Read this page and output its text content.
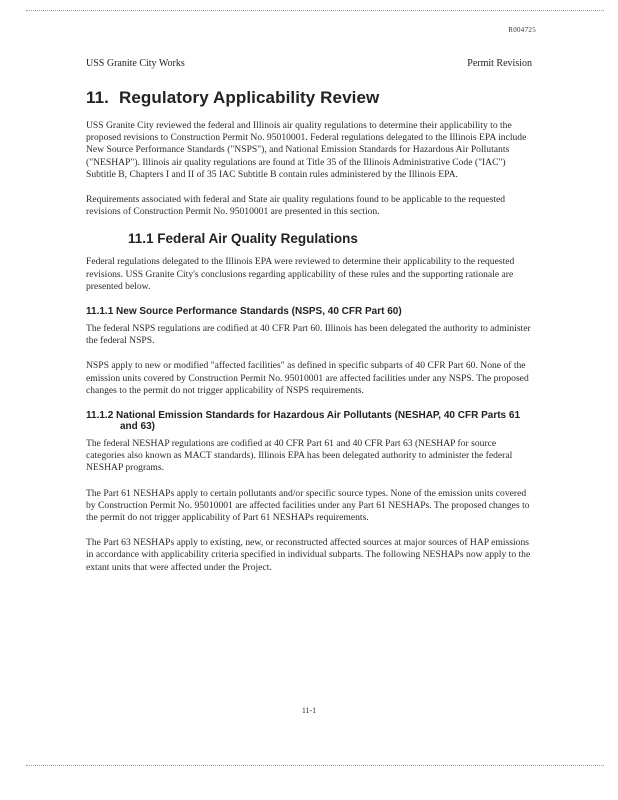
R004725
USS Granite City Works	Permit Revision
11. Regulatory Applicability Review

USS Granite City reviewed the federal and Illinois air quality regulations to determine their applicability to the proposed revisions to Construction Permit No. 95010001. Federal regulations delegated to the Illinois EPA include New Source Performance Standards ("NSPS"), and National Emission Standards for Hazardous Air Pollutants ("NESHAP"). Illinois air quality regulations are found at Title 35 of the Illinois Administrative Code ("IAC") Subtitle B, Chapters I and II of 35 IAC Subtitle B contain rules administered by the Illinois EPA.

Requirements associated with federal and State air quality regulations found to be applicable to the requested revisions of Construction Permit No. 95010001 are presented in this section.

11.1 Federal Air Quality Regulations

Federal regulations delegated to the Illinois EPA were reviewed to determine their applicability to the requested revisions. USS Granite City's conclusions regarding applicability of these rules and the supporting rationale are presented below.

11.1.1 New Source Performance Standards (NSPS, 40 CFR Part 60)

The federal NSPS regulations are codified at 40 CFR Part 60. Illinois has been delegated the authority to administer the federal NSPS.

NSPS apply to new or modified "affected facilities" as defined in specific subparts of 40 CFR Part 60. None of the emission units covered by Construction Permit No. 95010001 are affected facilities under any NSPS. The proposed changes to the permit do not trigger applicability of NSPS requirements.

11.1.2 National Emission Standards for Hazardous Air Pollutants (NESHAP, 40 CFR Parts 61 and 63)

The federal NESHAP regulations are codified at 40 CFR Part 61 and 40 CFR Part 63 (NESHAP for source categories also known as MACT standards). Illinois EPA has been delegated authority to administer the federal NESHAP programs.

The Part 61 NESHAPs apply to certain pollutants and/or specific source types. None of the emission units covered by Construction Permit No. 95010001 are affected facilities under any Part 61 NESHAPs. The proposed changes to the permit do not trigger applicability of Part 61 NESHAPs requirements.

The Part 63 NESHAPs apply to existing, new, or reconstructed affected sources at major sources of HAP emissions in accordance with applicability criteria specified in individual subparts. The following NESHAPs now apply to the extant units that were affected under the Project.

11-1
